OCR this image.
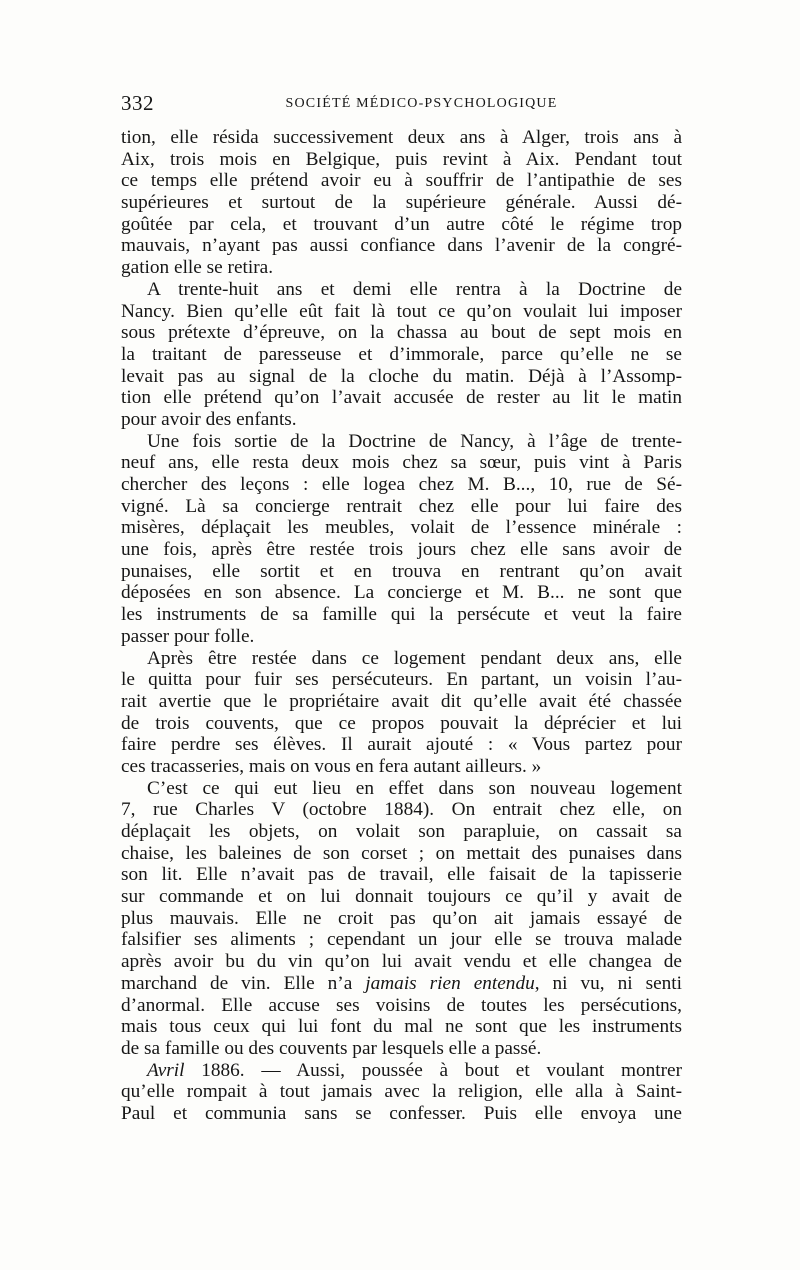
332	SOCIÉTÉ MÉDICO-PSYCHOLOGIQUE
tion, elle résida successivement deux ans à Alger, trois ans à
Aix, trois mois en Belgique, puis revint à Aix. Pendant tout
ce temps elle prétend avoir eu à souffrir de l’antipathie de ses
supérieures et surtout de la supérieure générale. Aussi dé-
goûtée par cela, et trouvant d’un autre côté le régime trop
mauvais, n’ayant pas aussi confiance dans l’avenir de la congré-
gation elle se retira.
A trente-huit ans et demi elle rentra à la Doctrine de
Nancy. Bien qu’elle eût fait là tout ce qu’on voulait lui imposer
sous prétexte d’épreuve, on la chassa au bout de sept mois en
la traitant de paresseuse et d’immorale, parce qu’elle ne se
levait pas au signal de la cloche du matin. Déjà à l’Assomp-
tion elle prétend qu’on l’avait accusée de rester au lit le matin
pour avoir des enfants.
Une fois sortie de la Doctrine de Nancy, à l’âge de trente-
neuf ans, elle resta deux mois chez sa sœur, puis vint à Paris
chercher des leçons : elle logea chez M. B..., 10, rue de Sé-
vigné. Là sa concierge rentrait chez elle pour lui faire des
misères, déplaçait les meubles, volait de l’essence minérale :
une fois, après être restée trois jours chez elle sans avoir de
punaises, elle sortit et en trouva en rentrant qu’on avait
déposées en son absence. La concierge et M. B... ne sont que
les instruments de sa famille qui la persécute et veut la faire
passer pour folle.
Après être restée dans ce logement pendant deux ans, elle
le quitta pour fuir ses persécuteurs. En partant, un voisin l’au-
rait avertie que le propriétaire avait dit qu’elle avait été chassée
de trois couvents, que ce propos pouvait la déprécier et lui
faire perdre ses élèves. Il aurait ajouté : « Vous partez pour
ces tracasseries, mais on vous en fera autant ailleurs. »
C’est ce qui eut lieu en effet dans son nouveau logement
7, rue Charles V (octobre 1884). On entrait chez elle, on
déplaçait les objets, on volait son parapluie, on cassait sa
chaise, les baleines de son corset ; on mettait des punaises dans
son lit. Elle n’avait pas de travail, elle faisait de la tapisserie
sur commande et on lui donnait toujours ce qu’il y avait de
plus mauvais. Elle ne croit pas qu’on ait jamais essayé de
falsifier ses aliments ; cependant un jour elle se trouva malade
après avoir bu du vin qu’on lui avait vendu et elle changea de
marchand de vin. Elle n’a jamais rien entendu, ni vu, ni senti
d’anormal. Elle accuse ses voisins de toutes les persécutions,
mais tous ceux qui lui font du mal ne sont que les instruments
de sa famille ou des couvents par lesquels elle a passé.
Avril 1886. — Aussi, poussée à bout et voulant montrer
qu’elle rompait à tout jamais avec la religion, elle alla à Saint-
Paul et communia sans se confesser. Puis elle envoya une
